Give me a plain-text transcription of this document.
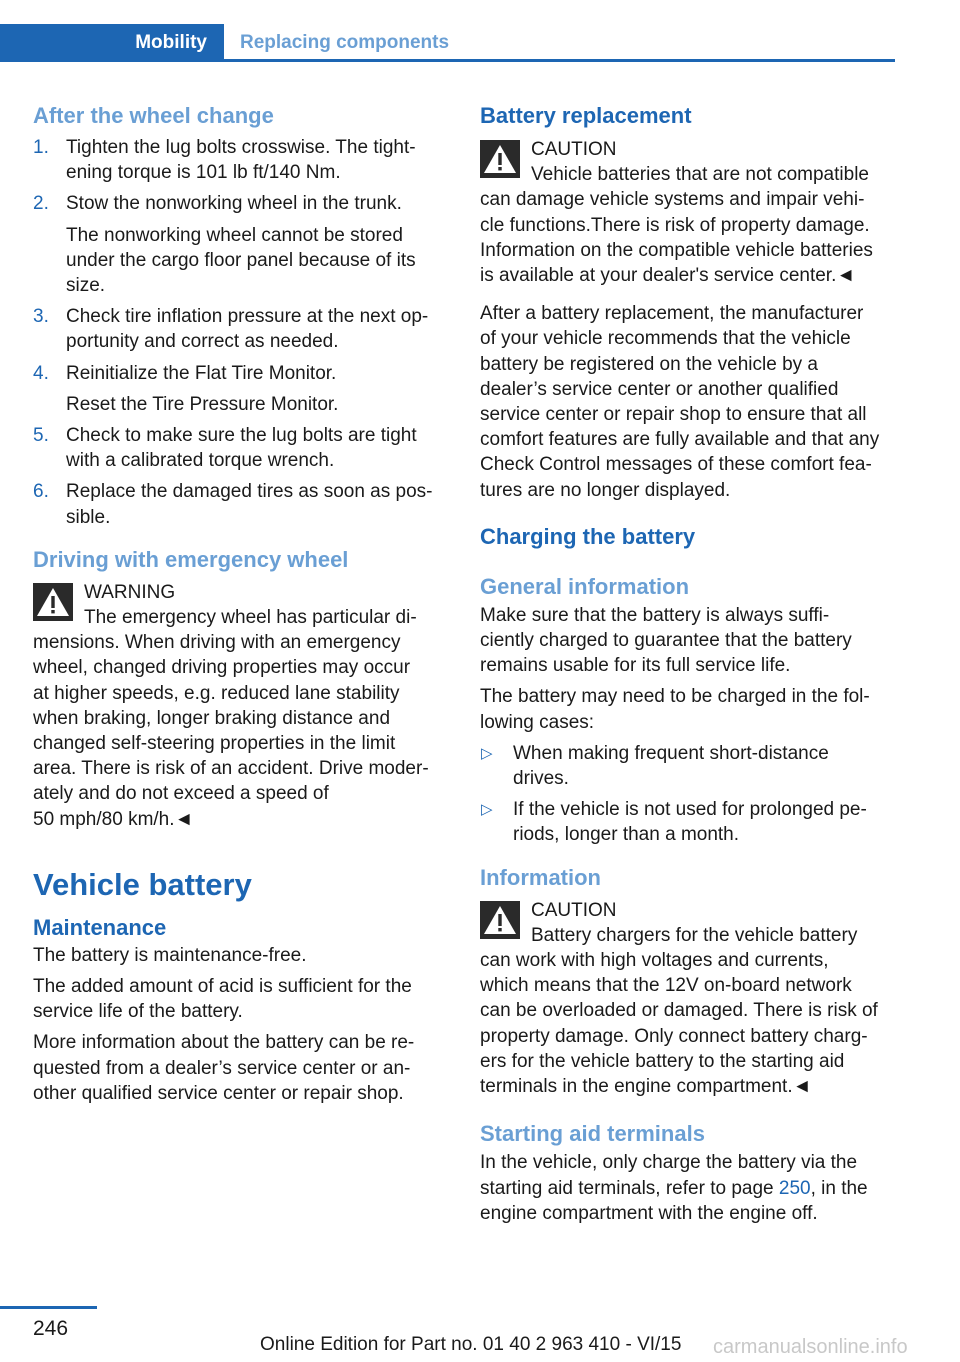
Mobility	Replacing components
After the wheel change
1. Tighten the lug bolts crosswise. The tight-

ening torque is 101 lb ft/140 Nm.

2. Stow the nonworking wheel in the trunk.

The nonworking wheel cannot be stored

under the cargo floor panel because of its

size.

3. Check tire inflation pressure at the next op-

portunity and correct as needed.

4. Reinitialize the Flat Tire Monitor.

Reset the Tire Pressure Monitor.

5. Check to make sure the lug bolts are tight

with a calibrated torque wrench.

6. Replace the damaged tires as soon as pos-

sible.

Driving with emergency wheel

WARNING

The emergency wheel has particular di-

mensions. When driving with an emergency

wheel, changed driving properties may occur

at higher speeds, e.g. reduced lane stability

when braking, longer braking distance and

changed self-steering properties in the limit

area. There is risk of an accident. Drive moder-

ately and do not exceed a speed of

50 mph/80 km/h.◄

Vehicle battery
Maintenance

The battery is maintenance-free.

The added amount of acid is sufficient for the

service life of the battery.

More information about the battery can be re-

quested from a dealer’s service center or an-

other qualified service center or repair shop.

Battery replacement

CAUTION

Vehicle batteries that are not compatible

can damage vehicle systems and impair vehi-

cle functions.There is risk of property damage.

Information on the compatible vehicle batteries

is available at your dealer's service center.◄

After a battery replacement, the manufacturer

of your vehicle recommends that the vehicle

battery be registered on the vehicle by a

dealer’s service center or another qualified

service center or repair shop to ensure that all

comfort features are fully available and that any

Check Control messages of these comfort fea-

tures are no longer displayed.

Charging the battery
General information

Make sure that the battery is always suffi-

ciently charged to guarantee that the battery

remains usable for its full service life.

The battery may need to be charged in the fol-

lowing cases:

▷ When making frequent short-distance

drives.

▷ If the vehicle is not used for prolonged pe-

riods, longer than a month.

Information

CAUTION

Battery chargers for the vehicle battery

can work with high voltages and currents,

which means that the 12V on-board network

can be overloaded or damaged. There is risk of

property damage. Only connect battery charg-

ers for the vehicle battery to the starting aid

terminals in the engine compartment.◄

Starting aid terminals

In the vehicle, only charge the battery via the

starting aid terminals, refer to page 250, in the

engine compartment with the engine off.

246
Online Edition for Part no. 01 40 2 963 410 - VI/15 carmanualsonline.info
